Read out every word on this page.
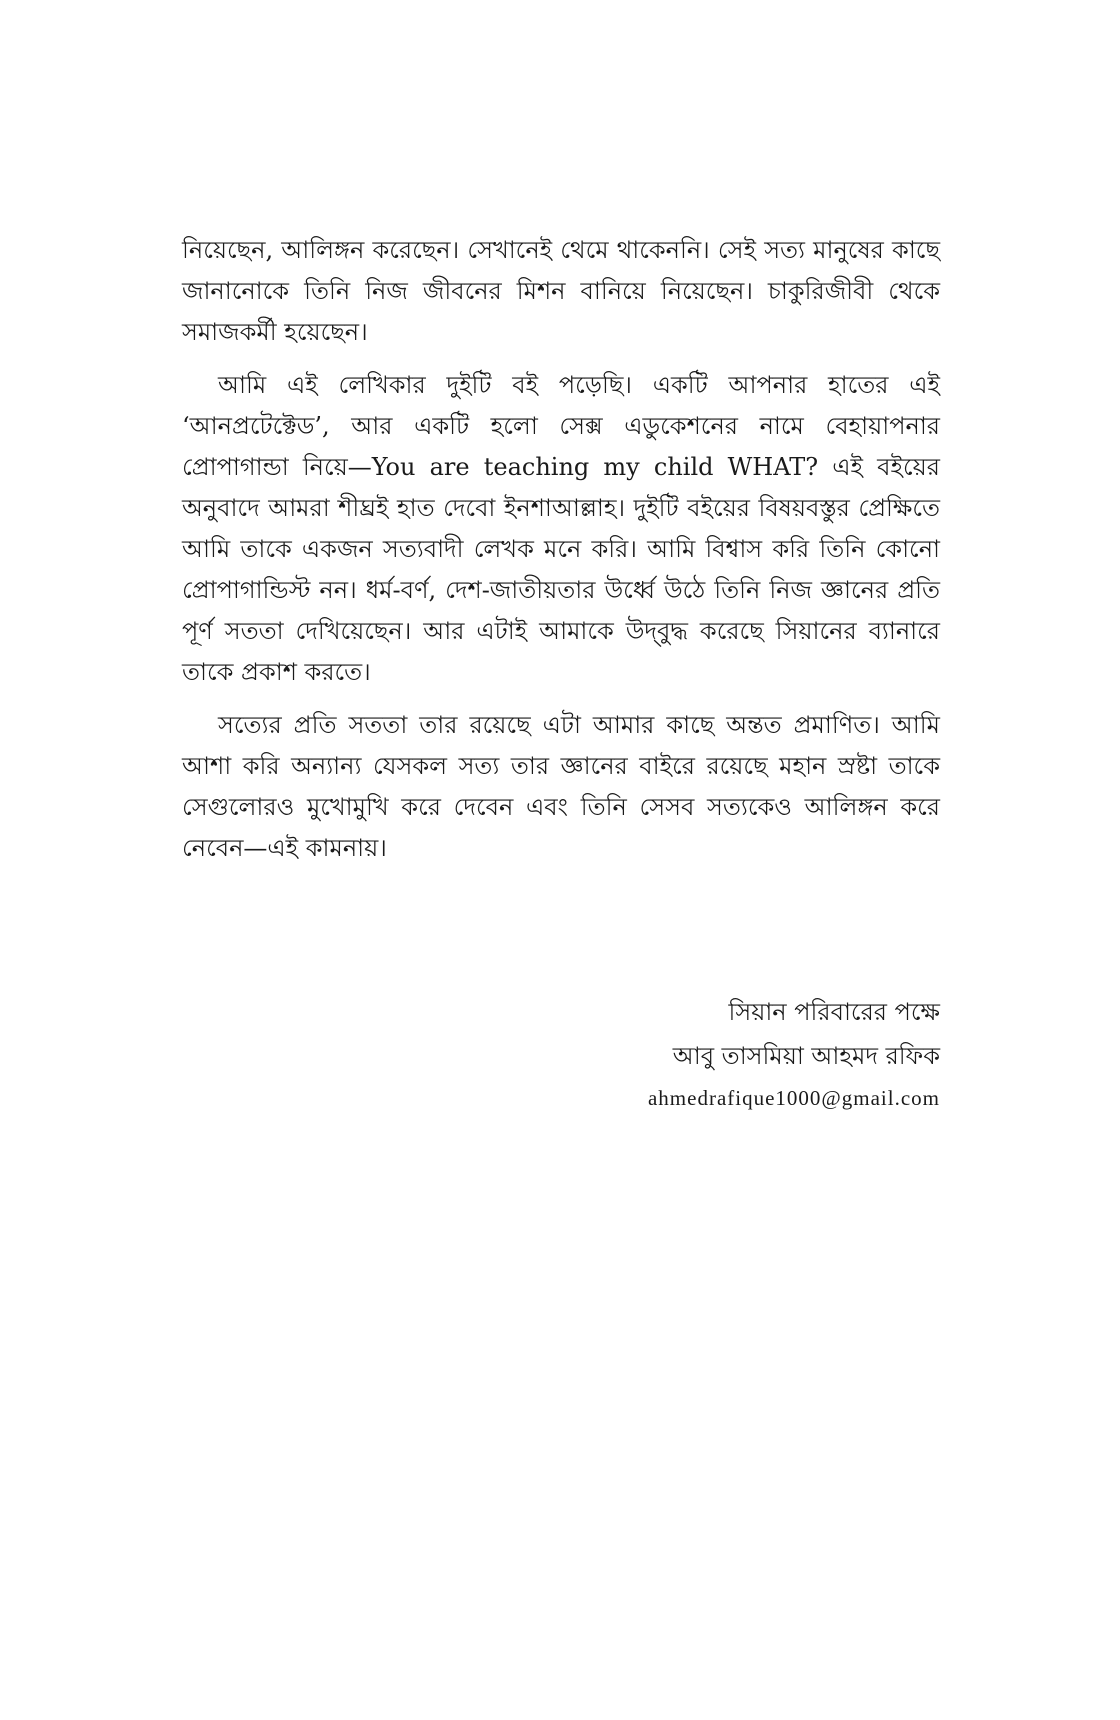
নিয়েছেন, আলিঙ্গন করেছেন। সেখানেই থেমে থাকেননি। সেই সত্য মানুষের কাছে জানানোকে তিনি নিজ জীবনের মিশন বানিয়ে নিয়েছেন। চাকুরিজীবী থেকে সমাজকর্মী হয়েছেন।

আমি এই লেখিকার দুইটি বই পড়েছি। একটি আপনার হাতের এই ‘আনপ্রটেক্টেড’, আর একটি হলো সেক্স এডুকেশনের নামে বেহায়াপনার প্রোপাগান্ডা নিয়ে—You are teaching my child WHAT? এই বইয়ের অনুবাদে আমরা শীঘ্রই হাত দেবো ইনশাআল্লাহ। দুইটি বইয়ের বিষয়বস্তুর প্রেক্ষিতে আমি তাকে একজন সত্যবাদী লেখক মনে করি। আমি বিশ্বাস করি তিনি কোনো প্রোপাগান্ডিস্ট নন। ধর্ম-বর্ণ, দেশ-জাতীয়তার উর্ধ্বে উঠে তিনি নিজ জ্ঞানের প্রতি পূর্ণ সততা দেখিয়েছেন। আর এটাই আমাকে উদ্‌বুদ্ধ করেছে সিয়ানের ব্যানারে তাকে প্রকাশ করতে।

সত্যের প্রতি সততা তার রয়েছে এটা আমার কাছে অন্তত প্রমাণিত। আমি আশা করি অন্যান্য যেসকল সত্য তার জ্ঞানের বাইরে রয়েছে মহান স্রষ্টা তাকে সেগুলোরও মুখোমুখি করে দেবেন এবং তিনি সেসব সত্যকেও আলিঙ্গন করে নেবেন—এই কামনায়।

সিয়ান পরিবারের পক্ষে
আবু তাসমিয়া আহমদ রফিক
ahmedrafique1000@gmail.com
